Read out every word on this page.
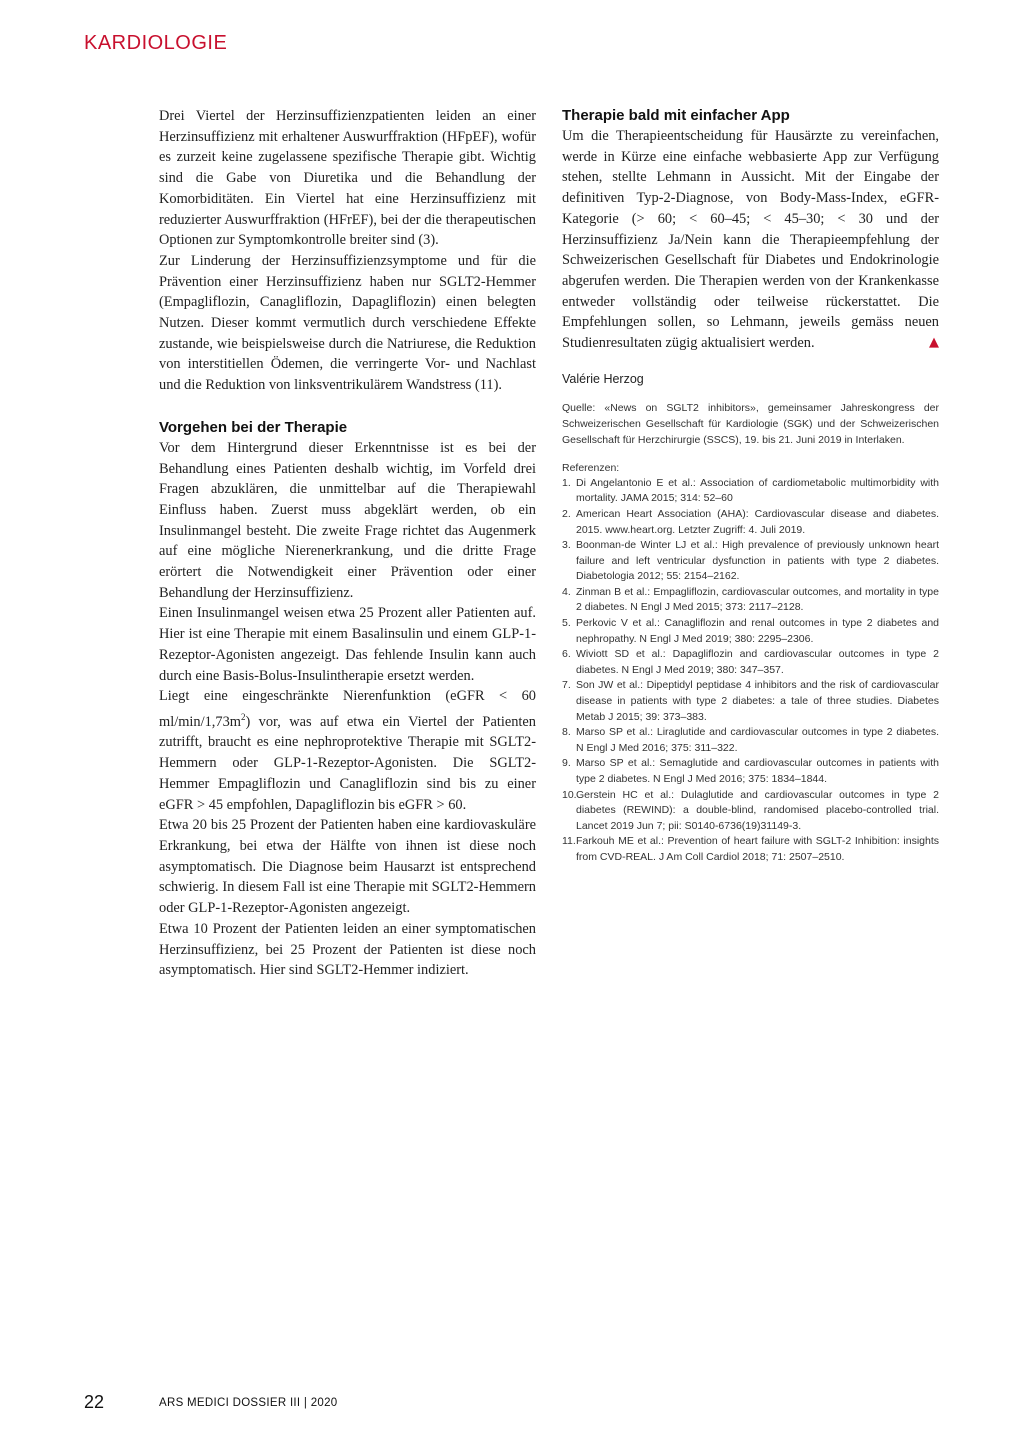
KARDIOLOGIE

Drei Viertel der Herzinsuffizienzpatienten leiden an einer Herzinsuffizienz mit erhaltener Auswurffraktion (HFpEF), wofür es zurzeit keine zugelassene spezifische Therapie gibt. Wichtig sind die Gabe von Diuretika und die Behandlung der Komorbiditäten. Ein Viertel hat eine Herzinsuffizienz mit reduzierter Auswurffraktion (HFrEF), bei der die therapeutischen Optionen zur Symptomkontrolle breiter sind (3).

Zur Linderung der Herzinsuffizienzsymptome und für die Prävention einer Herzinsuffizienz haben nur SGLT2-Hemmer (Empagliflozin, Canagliflozin, Dapagliflozin) einen belegten Nutzen. Dieser kommt vermutlich durch verschiedene Effekte zustande, wie beispielsweise durch die Natriurese, die Reduktion von interstitiellen Ödemen, die verringerte Vor- und Nachlast und die Reduktion von linksventrikulärem Wandstress (11).

Vorgehen bei der Therapie

Vor dem Hintergrund dieser Erkenntnisse ist es bei der Behandlung eines Patienten deshalb wichtig, im Vorfeld drei Fragen abzuklären, die unmittelbar auf die Therapiewahl Einfluss haben. Zuerst muss abgeklärt werden, ob ein Insulinmangel besteht. Die zweite Frage richtet das Augenmerk auf eine mögliche Nierenerkrankung, und die dritte Frage erörtert die Notwendigkeit einer Prävention oder einer Behandlung der Herzinsuffizienz.

Einen Insulinmangel weisen etwa 25 Prozent aller Patienten auf. Hier ist eine Therapie mit einem Basalinsulin und einem GLP-1-Rezeptor-Agonisten angezeigt. Das fehlende Insulin kann auch durch eine Basis-Bolus-Insulintherapie ersetzt werden.

Liegt eine eingeschränkte Nierenfunktion (eGFR < 60 $ml/\min/1,73m^2$) vor, was auf etwa ein Viertel der Patienten zutrifft, braucht es eine nephroprotektive Therapie mit SGLT2-Hemmern oder GLP-1-Rezeptor-Agonisten. Die SGLT2-Hemmer Empagliflozin und Canagliflozin sind bis zu einer eGFR > 45 empfohlen, Dapagliflozin bis eGFR > 60.

Etwa 20 bis 25 Prozent der Patienten haben eine kardiovaskuläre Erkrankung, bei etwa der Hälfte von ihnen ist diese noch asymptomatisch. Die Diagnose beim Hausarzt ist entsprechend schwierig. In diesem Fall ist eine Therapie mit SGLT2-Hemmern oder GLP-1-Rezeptor-Agonisten angezeigt.

Etwa 10 Prozent der Patienten leiden an einer symptomatischen Herzinsuffizienz, bei 25 Prozent der Patienten ist diese noch asymptomatisch. Hier sind SGLT2-Hemmer indiziert.

Therapie bald mit einfacher App

Um die Therapieentscheidung für Hausärzte zu vereinfachen, werde in Kürze eine einfache webbasierte App zur Verfügung stehen, stellte Lehmann in Aussicht. Mit der Eingabe der definitiven Typ-2-Diagnose, von Body-Mass-Index, eGFR-Kategorie (> 60; < 60–45; < 45–30; < 30 und der Herzinsuffizienz Ja/Nein kann die Therapieempfehlung der Schweizerischen Gesellschaft für Diabetes und Endokrinologie abgerufen werden. Die Therapien werden von der Krankenkasse entweder vollständig oder teilweise rückerstattet. Die Empfehlungen sollen, so Lehmann, jeweils gemäss neuen Studienresultaten zügig aktualisiert werden.	▲

Valérie Herzog
Quelle: «News on SGLT2 inhibitors», gemeinsamer Jahreskongress der Schweizerischen Gesellschaft für Kardiologie (SGK) und der Schweizerischen Gesellschaft für Herzchirurgie (SSCS), 19. bis 21. Juni 2019 in Interlaken.
Referenzen:
1. Di Angelantonio E et al.: Association of cardiometabolic multimorbidity with mortality. JAMA 2015; 314: 52–60
2. American Heart Association (AHA): Cardiovascular disease and diabetes. 2015. www.heart.org. Letzter Zugriff: 4. Juli 2019.
3. Boonman-de Winter LJ et al.: High prevalence of previously unknown heart failure and left ventricular dysfunction in patients with type 2 diabetes. Diabetologia 2012; 55: 2154–2162.
4. Zinman B et al.: Empagliflozin, cardiovascular outcomes, and mortality in type 2 diabetes. N Engl J Med 2015; 373: 2117–2128.
5. Perkovic V et al.: Canagliflozin and renal outcomes in type 2 diabetes and nephropathy. N Engl J Med 2019; 380: 2295–2306.
6. Wiviott SD et al.: Dapagliflozin and cardiovascular outcomes in type 2 diabetes. N Engl J Med 2019; 380: 347–357.
7. Son JW et al.: Dipeptidyl peptidase 4 inhibitors and the risk of cardiovascular disease in patients with type 2 diabetes: a tale of three studies. Diabetes Metab J 2015; 39: 373–383.
8. Marso SP et al.: Liraglutide and cardiovascular outcomes in type 2 diabetes. N Engl J Med 2016; 375: 311–322.
9. Marso SP et al.: Semaglutide and cardiovascular outcomes in patients with type 2 diabetes. N Engl J Med 2016; 375: 1834–1844.
10. Gerstein HC et al.: Dulaglutide and cardiovascular outcomes in type 2 diabetes (REWIND): a double-blind, randomised placebo-controlled trial. Lancet 2019 Jun 7; pii: S0140-6736(19)31149-3.
11. Farkouh ME et al.: Prevention of heart failure with SGLT-2 Inhibition: insights from CVD-REAL. J Am Coll Cardiol 2018; 71: 2507–2510.
22	ARS MEDICI DOSSIER III | 2020
